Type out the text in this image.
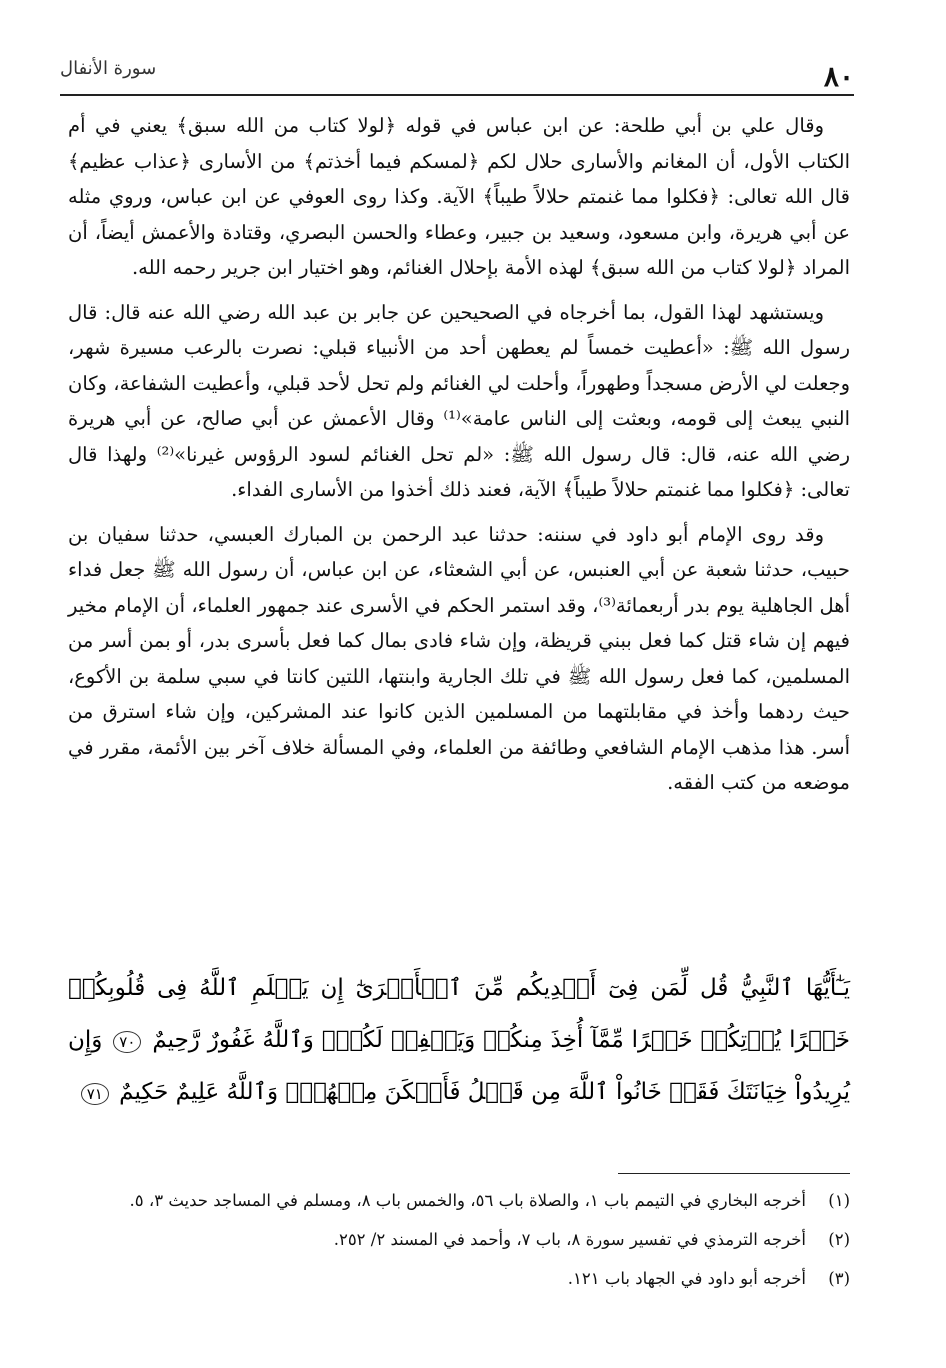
٨٠
سورة الأنفال

وقال علي بن أبي طلحة: عن ابن عباس في قوله ﴿لولا كتاب من الله سبق﴾ يعني في أم الكتاب الأول، أن المغانم والأسارى حلال لكم ﴿لمسكم فيما أخذتم﴾ من الأسارى ﴿عذاب عظيم﴾ قال الله تعالى: ﴿فكلوا مما غنمتم حلالاً طيباً﴾ الآية. وكذا روى العوفي عن ابن عباس، وروي مثله عن أبي هريرة، وابن مسعود، وسعيد بن جبير، وعطاء والحسن البصري، وقتادة والأعمش أيضاً، أن المراد ﴿لولا كتاب من الله سبق﴾ لهذه الأمة بإحلال الغنائم، وهو اختيار ابن جرير رحمه الله.

ويستشهد لهذا القول، بما أخرجاه في الصحيحين عن جابر بن عبد الله رضي الله عنه قال: قال رسول الله ﷺ: «أعطيت خمساً لم يعطهن أحد من الأنبياء قبلي: نصرت بالرعب مسيرة شهر، وجعلت لي الأرض مسجداً وطهوراً، وأحلت لي الغنائم ولم تحل لأحد قبلي، وأعطيت الشفاعة، وكان النبي يبعث إلى قومه، وبعثت إلى الناس عامة»⁽¹⁾ وقال الأعمش عن أبي صالح، عن أبي هريرة رضي الله عنه، قال: قال رسول الله ﷺ: «لم تحل الغنائم لسود الرؤوس غيرنا»⁽²⁾ ولهذا قال تعالى: ﴿فكلوا مما غنمتم حلالاً طيباً﴾ الآية، فعند ذلك أخذوا من الأسارى الفداء.

وقد روى الإمام أبو داود في سننه: حدثنا عبد الرحمن بن المبارك العبسي، حدثنا سفيان بن حبيب، حدثنا شعبة عن أبي العنبس، عن أبي الشعثاء، عن ابن عباس، أن رسول الله ﷺ جعل فداء أهل الجاهلية يوم بدر أربعمائة⁽³⁾، وقد استمر الحكم في الأسرى عند جمهور العلماء، أن الإمام مخير فيهم إن شاء قتل كما فعل ببني قريظة، وإن شاء فادى بمال كما فعل بأسرى بدر، أو بمن أسر من المسلمين، كما فعل رسول الله ﷺ في تلك الجارية وابنتها، اللتين كانتا في سبي سلمة بن الأكوع، حيث ردهما وأخذ في مقابلتهما من المسلمين الذين كانوا عند المشركين، وإن شاء استرق من أسر. هذا مذهب الإمام الشافعي وطائفة من العلماء، وفي المسألة خلاف آخر بين الأئمة، مقرر في موضعه من كتب الفقه.

يَـٰٓأَيُّهَا ٱلنَّبِيُّ قُل لِّمَن فِىٓ أَيۡدِيكُم مِّنَ ٱلۡأَسۡرَىٰٓ إِن يَعۡلَمِ ٱللَّهُ فِى قُلُوبِكُمۡ خَيۡرًا يُؤۡتِكُمۡ خَيۡرًا مِّمَّآ أُخِذَ مِنكُمۡ وَيَغۡفِرۡ لَكُمۡۗ وَٱللَّهُ غَفُورٌ رَّحِيمٌ ٧٠ وَإِن يُرِيدُواْ خِيَانَتَكَ فَقَدۡ خَانُواْ ٱللَّهَ مِن قَبۡلُ فَأَمۡكَنَ مِنۡهُمۡۗ وَٱللَّهُ عَلِيمٌ حَكِيمٌ ٧١
(١)
أخرجه البخاري في التيمم باب ١، والصلاة باب ٥٦، والخمس باب ٨، ومسلم في المساجد حديث ٣، ٥.
(٢)
أخرجه الترمذي في تفسير سورة ٨، باب ٧، وأحمد في المسند ٢/ ٢٥٢.
(٣)
أخرجه أبو داود في الجهاد باب ١٢١.
